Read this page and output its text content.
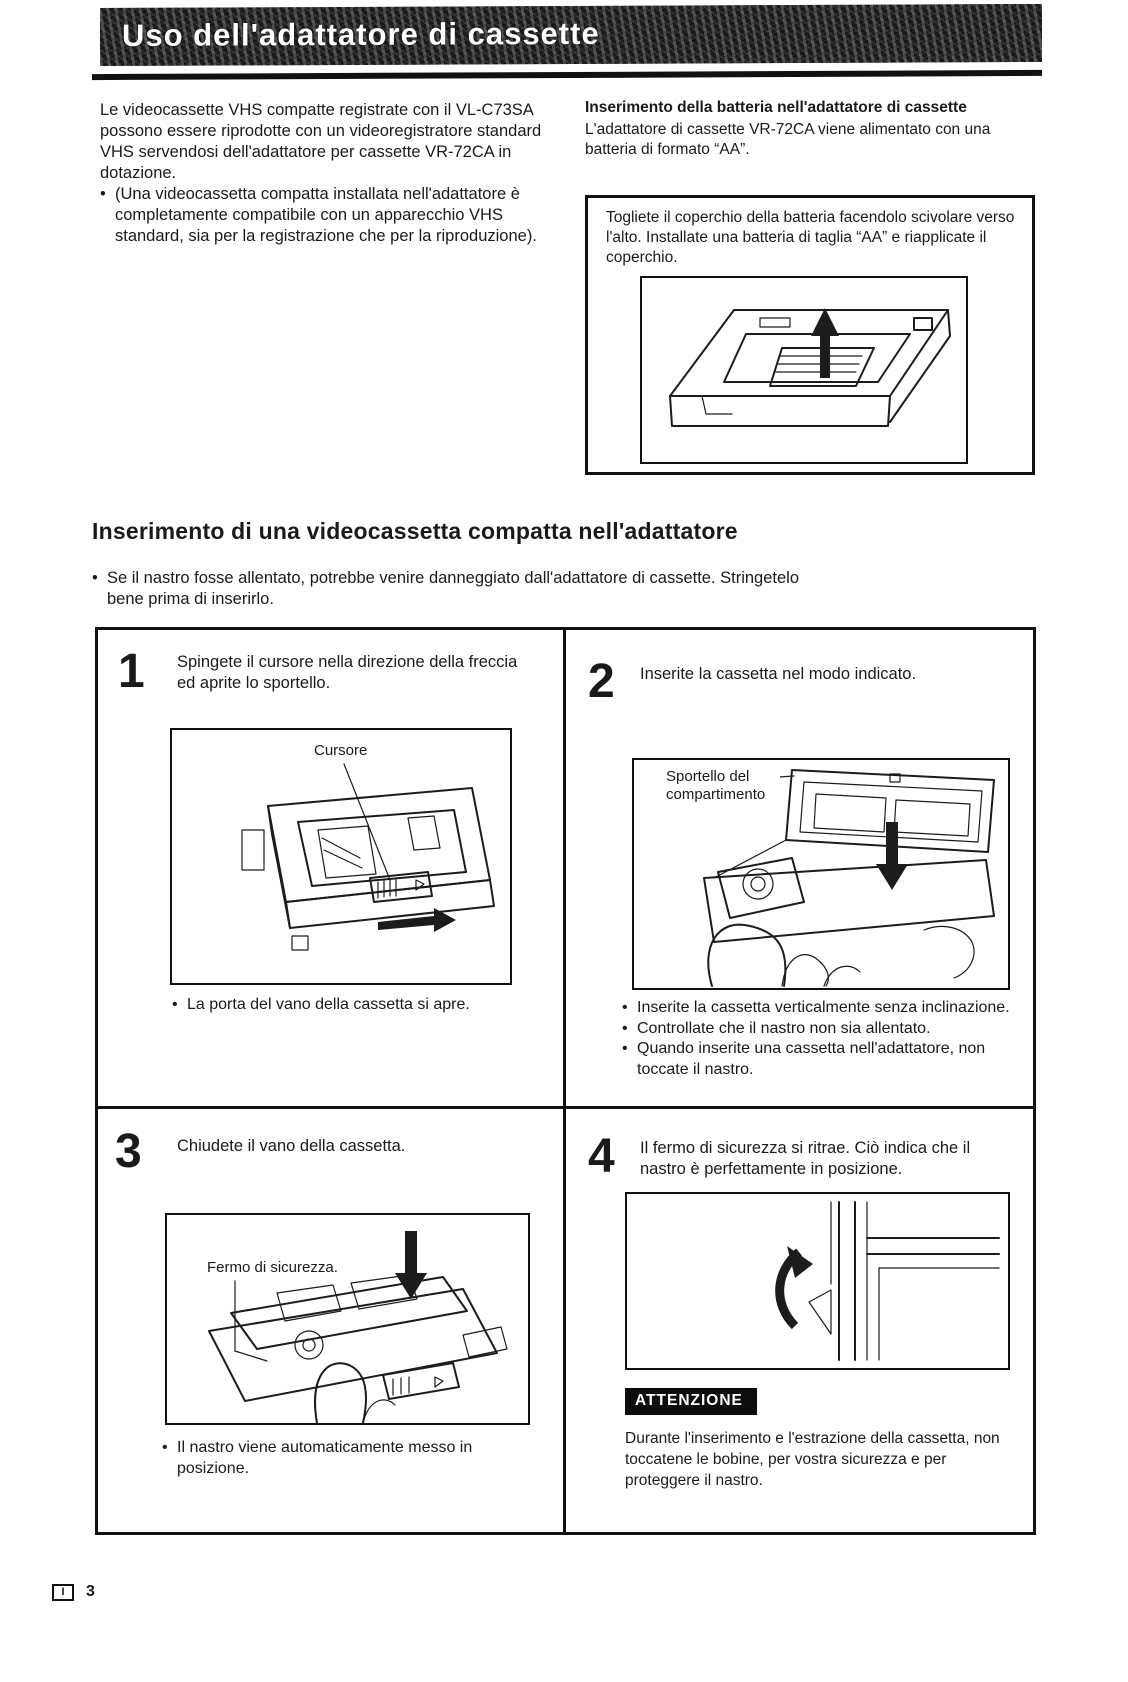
Uso dell'adattatore di cassette
Le videocassette VHS compatte registrate con il VL-C73SA possono essere riprodotte con un videoregistratore standard VHS servendosi dell'adattatore per cassette VR-72CA in dotazione.
• (Una videocassetta compatta installata nell'adattatore è completamente compatibile con un apparecchio VHS standard, sia per la registrazione che per la riproduzione).
Inserimento della batteria nell'adattatore di cassette
L'adattatore di cassette VR-72CA viene alimentato con una batteria di formato “AA”.
Togliete il coperchio della batteria facendolo scivolare verso l'alto. Installate una batteria di taglia “AA” e riapplicate il coperchio.
Inserimento di una videocassetta compatta nell'adattatore
• Se il nastro fosse allentato, potrebbe venire danneggiato dall'adattatore di cassette. Stringetelo bene prima di inserirlo.
1 Spingete il cursore nella direzione della freccia ed aprite lo sportello.
Cursore
• La porta del vano della cassetta si apre.
2 Inserite la cassetta nel modo indicato.
Sportello del compartimento
• Inserite la cassetta verticalmente senza inclinazione.
• Controllate che il nastro non sia allentato.
• Quando inserite una cassetta nell'adattatore, non toccate il nastro.
3 Chiudete il vano della cassetta.
Fermo di sicurezza.
• Il nastro viene automaticamente messo in posizione.
4 Il fermo di sicurezza si ritrae. Ciò indica che il nastro è perfettamente in posizione.
ATTENZIONE
Durante l'inserimento e l'estrazione della cassetta, non toccatene le bobine, per vostra sicurezza e per proteggere il nastro.
I	3
